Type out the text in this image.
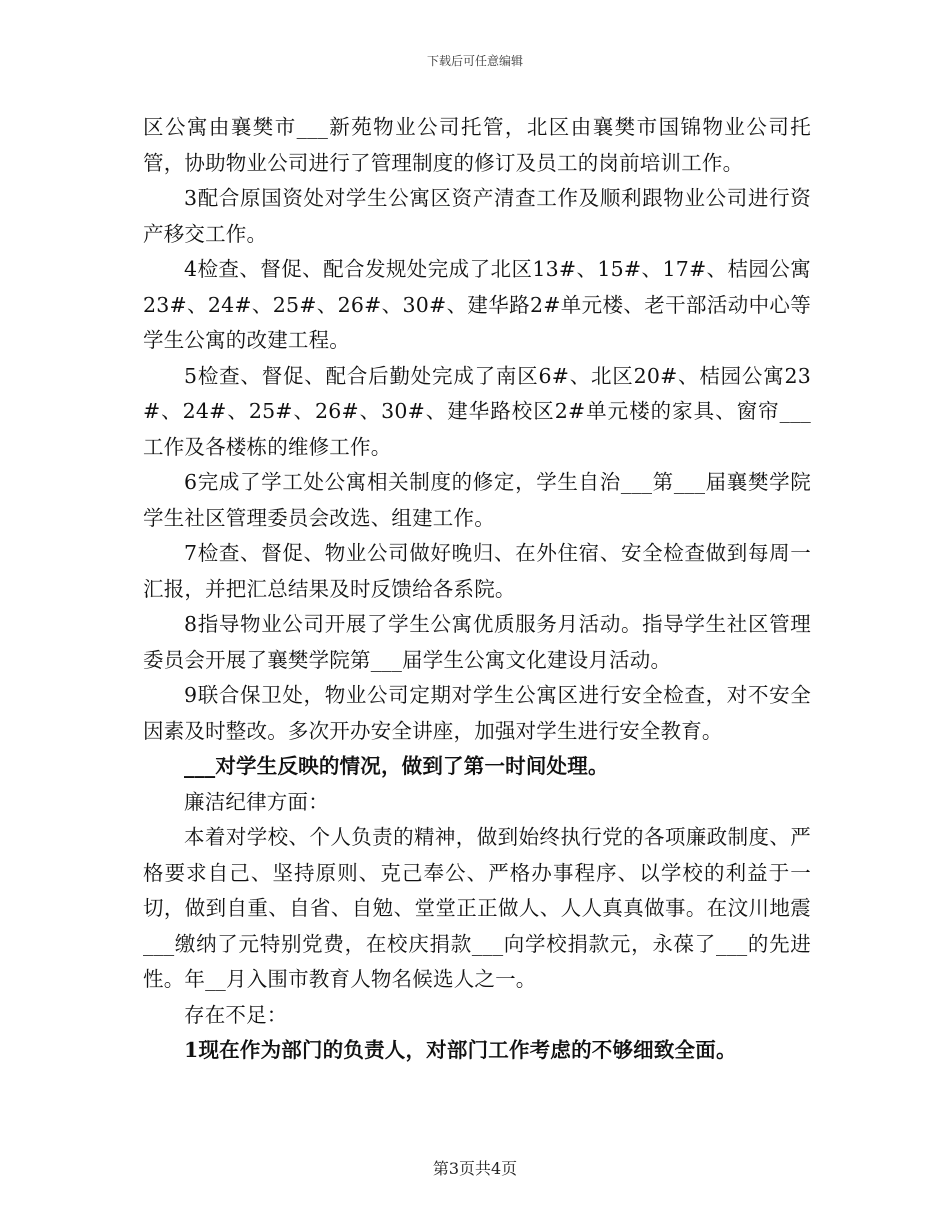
下载后可任意编辑

区公寓由襄樊市___新苑物业公司托管，北区由襄樊市国锦物业公司托管，协助物业公司进行了管理制度的修订及员工的岗前培训工作。

3配合原国资处对学生公寓区资产清查工作及顺利跟物业公司进行资产移交工作。

4检查、督促、配合发规处完成了北区13#、15#、17#、桔园公寓23#、24#、25#、26#、30#、建华路2#单元楼、老干部活动中心等学生公寓的改建工程。

5检查、督促、配合后勤处完成了南区6#、北区20#、桔园公寓23#、24#、25#、26#、30#、建华路校区2#单元楼的家具、窗帘___工作及各楼栋的维修工作。

6完成了学工处公寓相关制度的修定，学生自治___第___届襄樊学院学生社区管理委员会改选、组建工作。

7检查、督促、物业公司做好晚归、在外住宿、安全检查做到每周一汇报，并把汇总结果及时反馈给各系院。

8指导物业公司开展了学生公寓优质服务月活动。指导学生社区管理委员会开展了襄樊学院第___届学生公寓文化建设月活动。

9联合保卫处，物业公司定期对学生公寓区进行安全检查，对不安全因素及时整改。多次开办安全讲座，加强对学生进行安全教育。

___对学生反映的情况，做到了第一时间处理。

廉洁纪律方面：

本着对学校、个人负责的精神，做到始终执行党的各项廉政制度、严格要求自己、坚持原则、克己奉公、严格办事程序、以学校的利益于一切，做到自重、自省、自勉、堂堂正正做人、人人真真做事。在汶川地震___缴纳了元特别党费，在校庆捐款___向学校捐款元，永葆了___的先进性。年__月入围市教育人物名候选人之一。

存在不足：

1现在作为部门的负责人，对部门工作考虑的不够细致全面。

第3页共4页
